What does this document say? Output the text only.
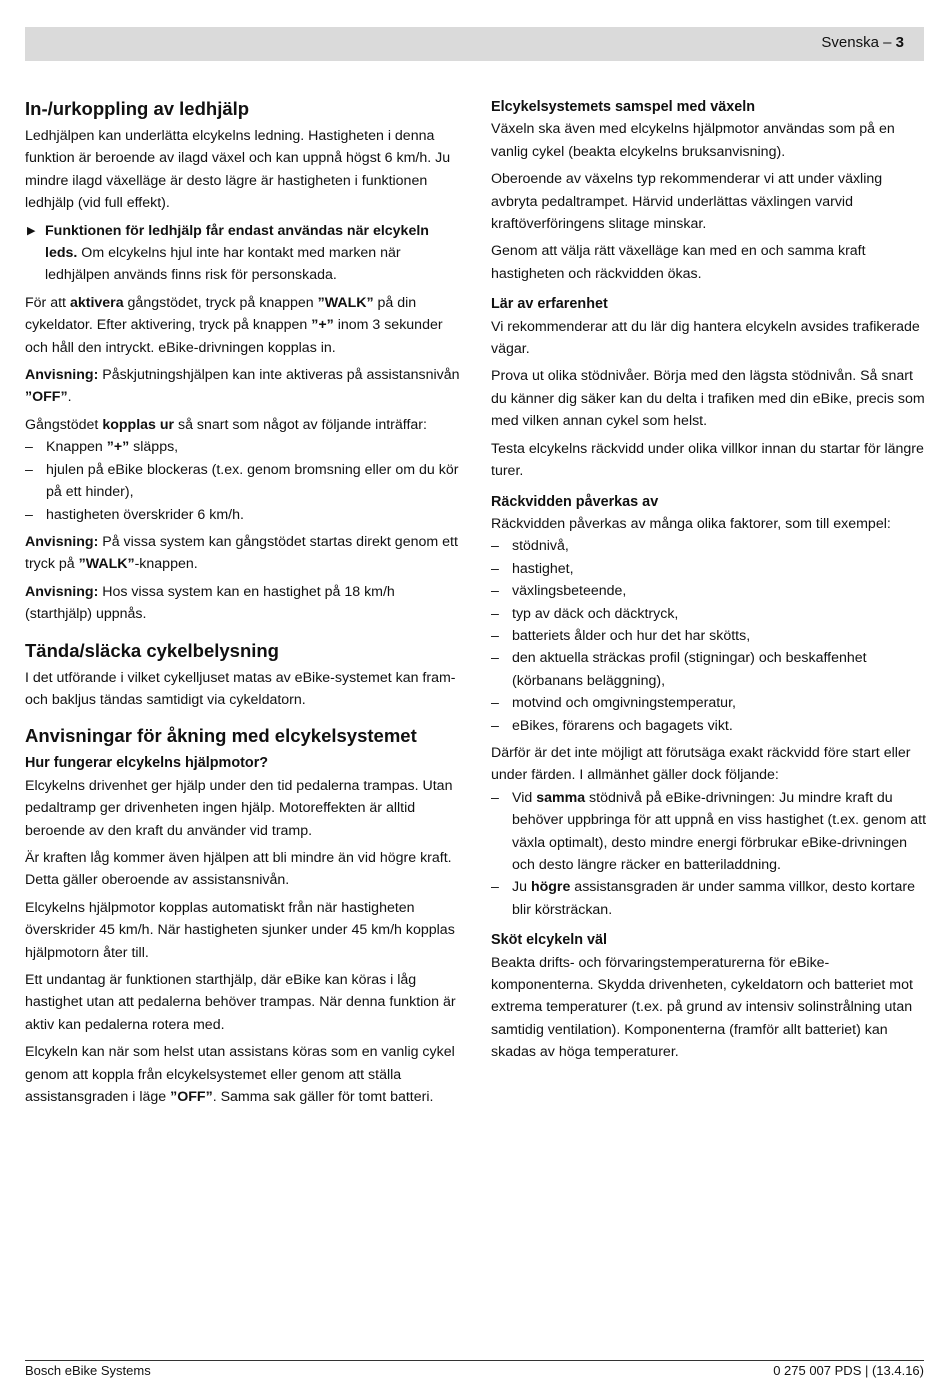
Svenska – 3
In-/urkoppling av ledhjälp

Ledhjälpen kan underlätta elcykelns ledning. Hastigheten i denna funktion är beroende av ilagd växel och kan uppnå högst 6 km/h. Ju mindre ilagd växelläge är desto lägre är hastigheten i funktionen ledhjälp (vid full effekt).

▶ Funktionen för ledhjälp får endast användas när elcykeln leds. Om elcykelns hjul inte har kontakt med marken när ledhjälpen används finns risk för personskada.

För att aktivera gångstödet, tryck på knappen ”WALK” på din cykeldator. Efter aktivering, tryck på knappen ”+” inom 3 sekunder och håll den intryckt. eBike-drivningen kopplas in.

Anvisning: Påskjutningshjälpen kan inte aktiveras på assistansnivån ”OFF”.

Gångstödet kopplas ur så snart som något av följande inträffar:

– Knappen ”+” släpps,
– hjulen på eBike blockeras (t.ex. genom bromsning eller om du kör på ett hinder),
– hastigheten överskrider 6 km/h.

Anvisning: På vissa system kan gångstödet startas direkt genom ett tryck på ”WALK”-knappen.

Anvisning: Hos vissa system kan en hastighet på 18 km/h (starthjälp) uppnås.

Tända/släcka cykelbelysning

I det utförande i vilket cykelljuset matas av eBike-systemet kan fram- och bakljus tändas samtidigt via cykeldatorn.

Anvisningar för åkning med elcykelsystemet
Hur fungerar elcykelns hjälpmotor?

Elcykelns drivenhet ger hjälp under den tid pedalerna trampas. Utan pedaltramp ger drivenheten ingen hjälp. Motoreffekten är alltid beroende av den kraft du använder vid tramp.

Är kraften låg kommer även hjälpen att bli mindre än vid högre kraft. Detta gäller oberoende av assistansnivån.

Elcykelns hjälpmotor kopplas automatiskt från när hastigheten överskrider 45 km/h. När hastigheten sjunker under 45 km/h kopplas hjälpmotorn åter till.

Ett undantag är funktionen starthjälp, där eBike kan köras i låg hastighet utan att pedalerna behöver trampas. När denna funktion är aktiv kan pedalerna rotera med.

Elcykeln kan när som helst utan assistans köras som en vanlig cykel genom att koppla från elcykelsystemet eller genom att ställa assistansgraden i läge ”OFF”. Samma sak gäller för tomt batteri.

Elcykelsystemets samspel med växeln

Växeln ska även med elcykelns hjälpmotor användas som på en vanlig cykel (beakta elcykelns bruksanvisning).

Oberoende av växelns typ rekommenderar vi att under växling avbryta pedaltrampet. Härvid underlättas växlingen varvid kraftöverföringens slitage minskar.

Genom att välja rätt växelläge kan med en och samma kraft hastigheten och räckvidden ökas.

Lär av erfarenhet

Vi rekommenderar att du lär dig hantera elcykeln avsides trafikerade vägar.

Prova ut olika stödnivåer. Börja med den lägsta stödnivån. Så snart du känner dig säker kan du delta i trafiken med din eBike, precis som med vilken annan cykel som helst.

Testa elcykelns räckvidd under olika villkor innan du startar för längre turer.

Räckvidden påverkas av

Räckvidden påverkas av många olika faktorer, som till exempel:

– stödnivå,
– hastighet,
– växlingsbeteende,
– typ av däck och däcktryck,
– batteriets ålder och hur det har skötts,
– den aktuella sträckas profil (stigningar) och beskaffenhet (körbanans beläggning),
– motvind och omgivningstemperatur,
– eBikes, förarens och bagagets vikt.

Därför är det inte möjligt att förutsäga exakt räckvidd före start eller under färden. I allmänhet gäller dock följande:

– Vid samma stödnivå på eBike-drivningen: Ju mindre kraft du behöver uppbringa för att uppnå en viss hastighet (t.ex. genom att växla optimalt), desto mindre energi förbrukar eBike-drivningen och desto längre räcker en batteriladdning.
– Ju högre assistansgraden är under samma villkor, desto kortare blir körsträckan.
Sköt elcykeln väl

Beakta drifts- och förvaringstemperaturerna för eBike-komponenterna. Skydda drivenheten, cykeldatorn och batteriet mot extrema temperaturer (t.ex. på grund av intensiv solinstrålning utan samtidig ventilation). Komponenterna (framför allt batteriet) kan skadas av höga temperaturer.

Bosch eBike Systems	0 275 007 PDS | (13.4.16)
